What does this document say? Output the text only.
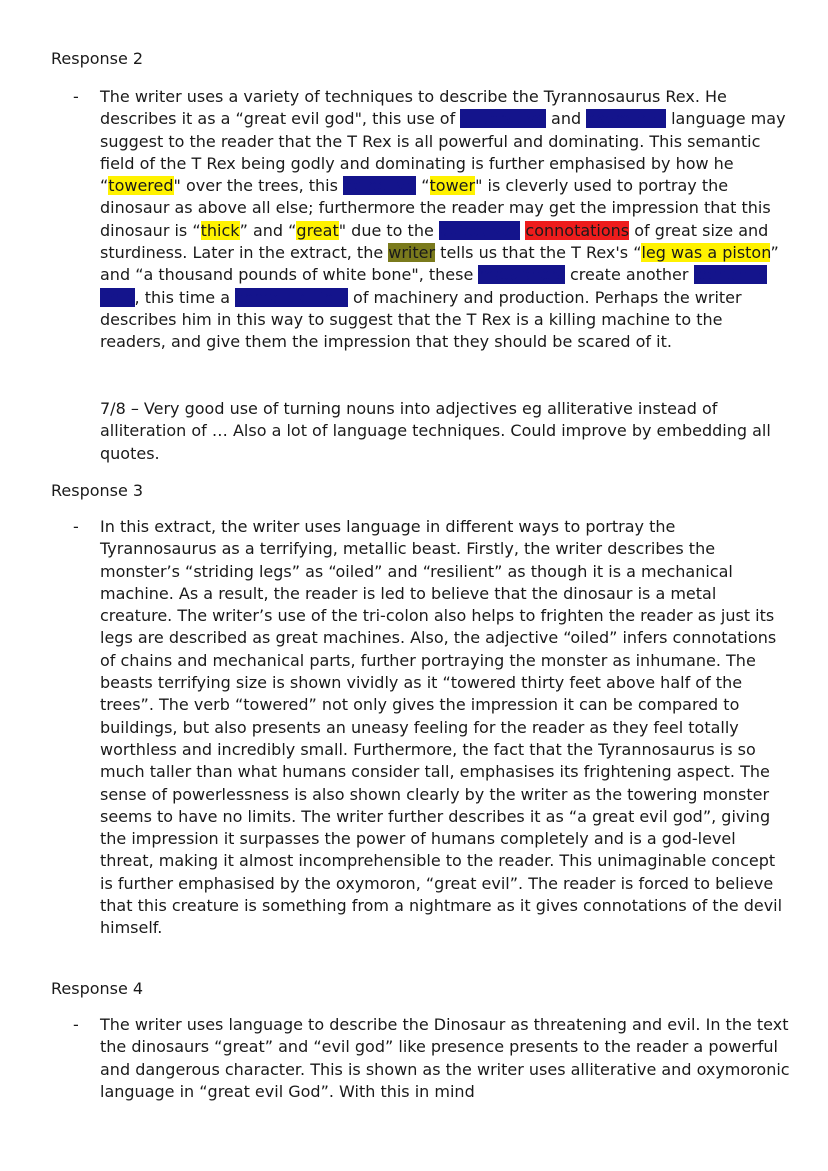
Response 2
- The writer uses a variety of techniques to describe the Tyrannosaurus Rex. He describes it as a “great evil god", this use of alliterative and oxymoron language may suggest to the reader that the T Rex is all powerful and dominating. This semantic field of the T Rex being godly and dominating is further emphasised by how he “towered" over the trees, this adjective “tower" is cleverly used to portray the dinosaur as above all else; furthermore the reader may get the impression that this dinosaur is “thick” and “great" due to the adjectives connotations of great size and sturdiness. Later in the extract, the writer tells us that the T Rex's “leg was a piston” and “a thousand pounds of white bone", these metaphors create another semantic field, this time a semantic field of machinery and production. Perhaps the writer describes him in this way to suggest that the T Rex is a killing machine to the readers, and give them the impression that they should be scared of it.

7/8 – Very good use of turning nouns into adjectives eg alliterative instead of alliteration of … Also a lot of language techniques. Could improve by embedding all quotes.

Response 3
- In this extract, the writer uses language in different ways to portray the Tyrannosaurus as a terrifying, metallic beast. Firstly, the writer describes the monster’s “striding legs” as “oiled” and “resilient” as though it is a mechanical machine. As a result, the reader is led to believe that the dinosaur is a metal creature. The writer’s use of the tri-colon also helps to frighten the reader as just its legs are described as great machines. Also, the adjective “oiled” infers connotations of chains and mechanical parts, further portraying the monster as inhumane. The beasts terrifying size is shown vividly as it “towered thirty feet above half of the trees”. The verb “towered” not only gives the impression it can be compared to buildings, but also presents an uneasy feeling for the reader as they feel totally worthless and incredibly small. Furthermore, the fact that the Tyrannosaurus is so much taller than what humans consider tall, emphasises its frightening aspect. The sense of powerlessness is also shown clearly by the writer as the towering monster seems to have no limits. The writer further describes it as “a great evil god”, giving the impression it surpasses the power of humans completely and is a god-level threat, making it almost incomprehensible to the reader. This unimaginable concept is further emphasised by the oxymoron, “great evil”. The reader is forced to believe that this creature is something from a nightmare as it gives connotations of the devil himself.

Response 4
- The writer uses language to describe the Dinosaur as threatening and evil. In the text the dinosaurs “great” and “evil god” like presence presents to the reader a powerful and dangerous character. This is shown as the writer uses alliterative and oxymoronic language in “great evil God”. With this in mind
